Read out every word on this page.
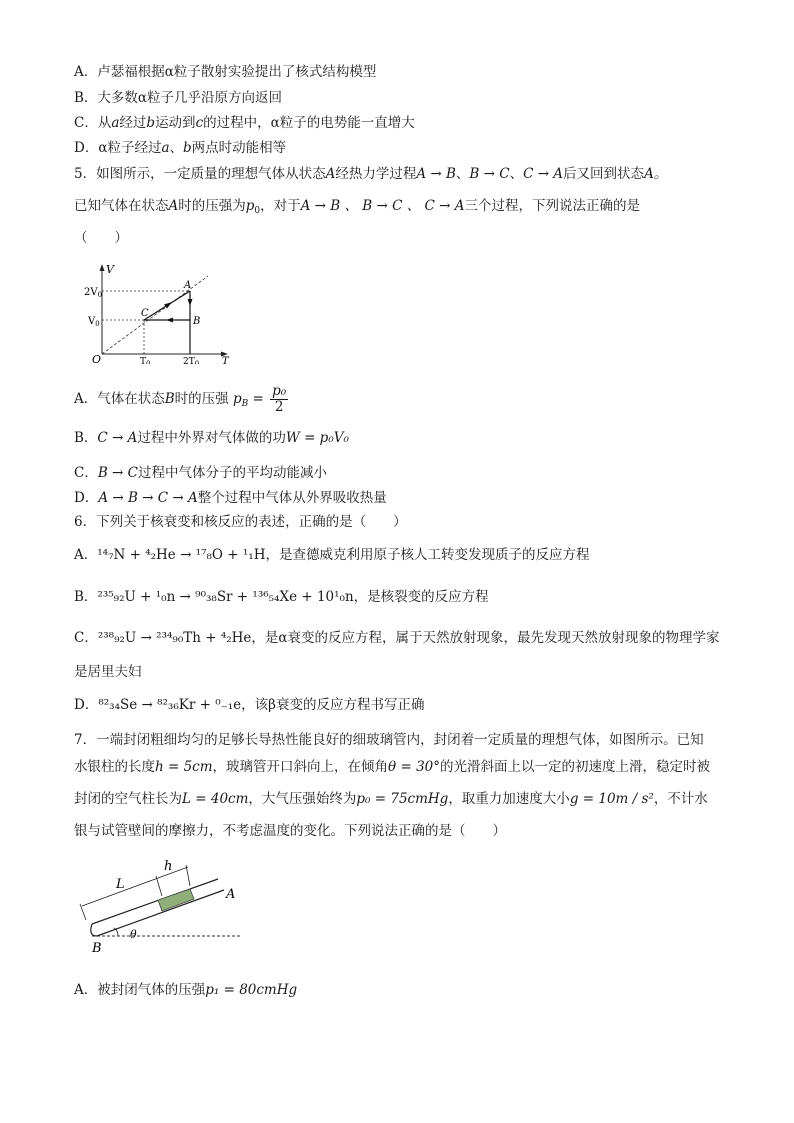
A．卢瑟福根据α粒子散射实验提出了核式结构模型
B．大多数α粒子几乎沿原方向返回
C．从a经过b运动到c的过程中，α粒子的电势能一直增大
D．α粒子经过a、b两点时动能相等
5．如图所示，一定质量的理想气体从状态A经热力学过程A → B、B → C、C → A后又回到状态A。
已知气体在状态A时的压强为$p_0$，对于A → B 、 B → C 、 C → A三个过程，下列说法正确的是
（　　）
V
T
O
$2V_0$
$V_0$
$T_0$	$2T_0$
A
B
C
A．气体在状态B时的压强 $p_B = \frac{\text{p₀}}{2}$
B．C → A过程中外界对气体做的功W = p₀V₀
C．B → C过程中气体分子的平均动能减小
D．A → B → C → A整个过程中气体从外界吸收热量
6．下列关于核衰变和核反应的表述，正确的是（　　）
A．¹⁴₇N + ⁴₂He → ¹⁷₈O + ¹₁H，是查德威克利用原子核人工转变发现质子的反应方程
B．²³⁵₉₂U + ¹₀n → ⁹⁰₃₈Sr + ¹³⁶₅₄Xe + 10¹₀n，是核裂变的反应方程
C．²³⁸₉₂U → ²³⁴₉₀Th + ⁴₂He，是α衰变的反应方程，属于天然放射现象，最先发现天然放射现象的物理学家
是居里夫妇
D．⁸²₃₄Se → ⁸²₃₆Kr + ⁰₋₁e，该β衰变的反应方程书写正确
7．一端封闭粗细均匀的足够长导热性能良好的细玻璃管内，封闭着一定质量的理想气体，如图所示。已知
水银柱的长度h = 5cm，玻璃管开口斜向上，在倾角θ = 30°的光滑斜面上以一定的初速度上滑，稳定时被
封闭的空气柱长为L = 40cm，大气压强始终为p₀ = 75cmHg，取重力加速度大小g = 10m / s²，不计水
银与试管壁间的摩擦力，不考虑温度的变化。下列说法正确的是（　　）
L
h
A
B
θ
A．被封闭气体的压强p₁ = 80cmHg
